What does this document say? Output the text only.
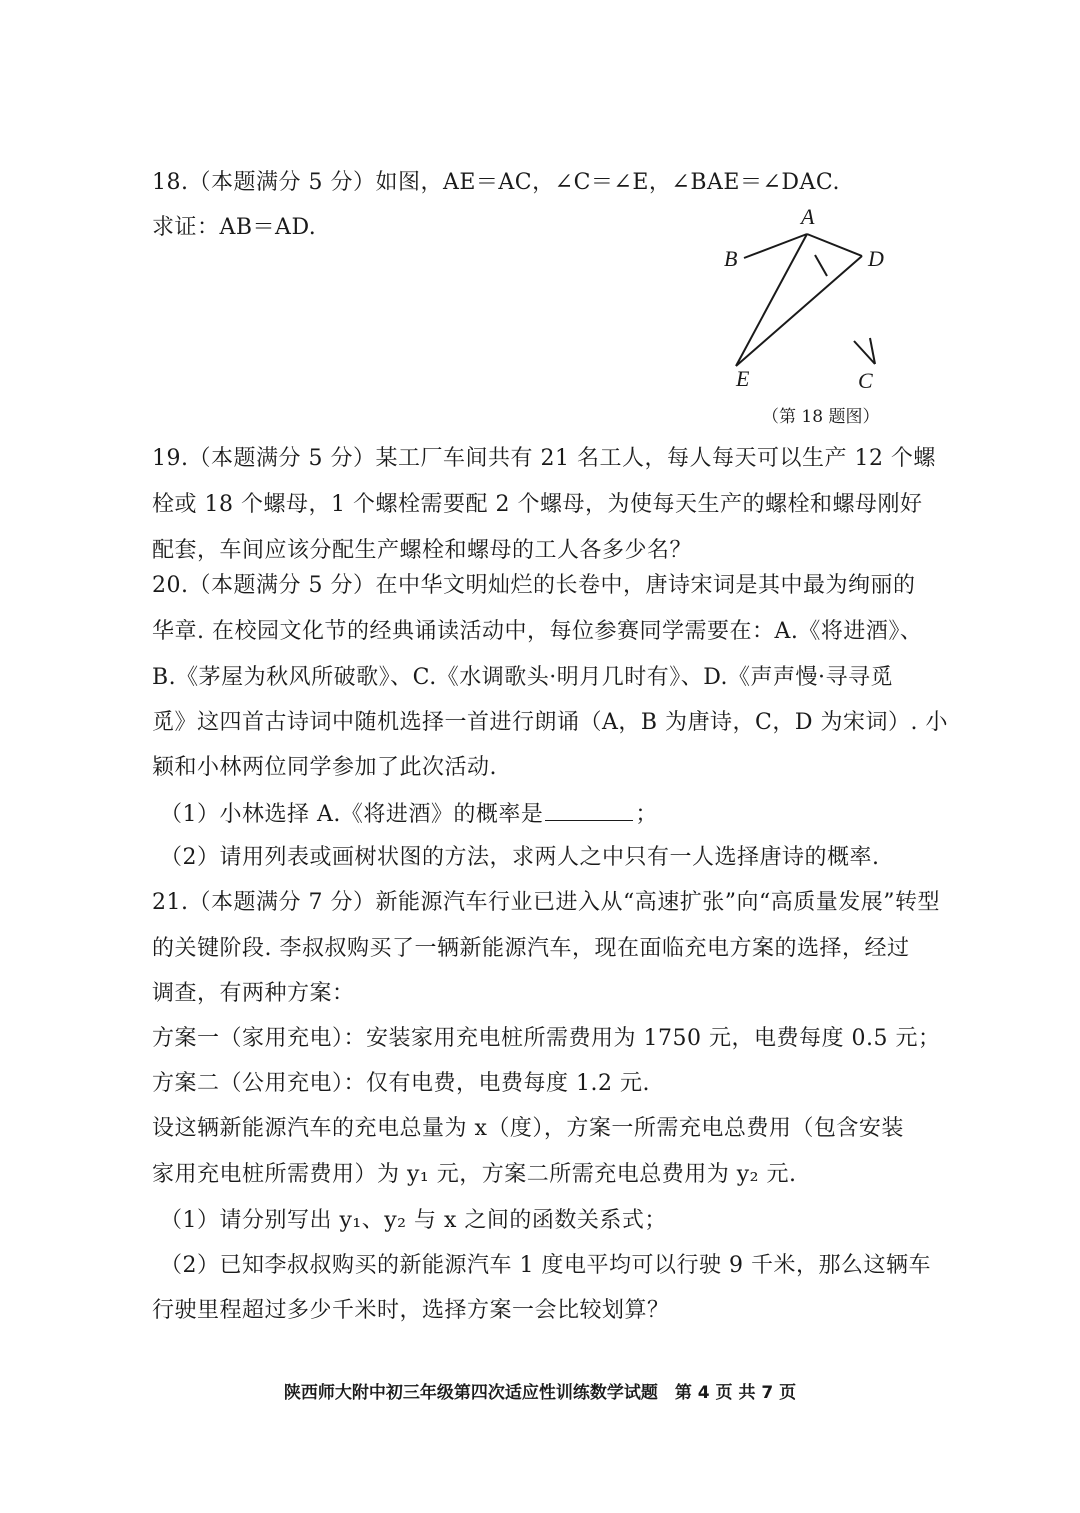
18.（本题满分 5 分）如图，AE＝AC，∠C＝∠E，∠BAE＝∠DAC.
求证：AB＝AD.	A
B	D
E	C
（第 18 题图）
19.（本题满分 5 分）某工厂车间共有 21 名工人，每人每天可以生产 12 个螺
栓或 18 个螺母，1 个螺栓需要配 2 个螺母，为使每天生产的螺栓和螺母刚好
配套，车间应该分配生产螺栓和螺母的工人各多少名？
20.（本题满分 5 分）在中华文明灿烂的长卷中，唐诗宋词是其中最为绚丽的
华章. 在校园文化节的经典诵读活动中，每位参赛同学需要在：A.《将进酒》、
B.《茅屋为秋风所破歌》、C.《水调歌头·明月几时有》、D.《声声慢·寻寻觅
觅》这四首古诗词中随机选择一首进行朗诵（A，B 为唐诗，C，D 为宋词）. 小
颖和小林两位同学参加了此次活动.
（1）小林选择 A.《将进酒》的概率是	；
（2）请用列表或画树状图的方法，求两人之中只有一人选择唐诗的概率.
21.（本题满分 7 分）新能源汽车行业已进入从“高速扩张”向“高质量发展”转型
的关键阶段. 李叔叔购买了一辆新能源汽车，现在面临充电方案的选择，经过
调查，有两种方案：
方案一（家用充电）：安装家用充电桩所需费用为 1750 元，电费每度 0.5 元；
方案二（公用充电）：仅有电费，电费每度 1.2 元.
设这辆新能源汽车的充电总量为 x（度），方案一所需充电总费用（包含安装
家用充电桩所需费用）为 y₁ 元，方案二所需充电总费用为 y₂ 元.
（1）请分别写出 y₁、y₂ 与 x 之间的函数关系式；
（2）已知李叔叔购买的新能源汽车 1 度电平均可以行驶 9 千米，那么这辆车
行驶里程超过多少千米时，选择方案一会比较划算？
陕西师大附中初三年级第四次适应性训练数学试题　第 4 页 共 7 页
